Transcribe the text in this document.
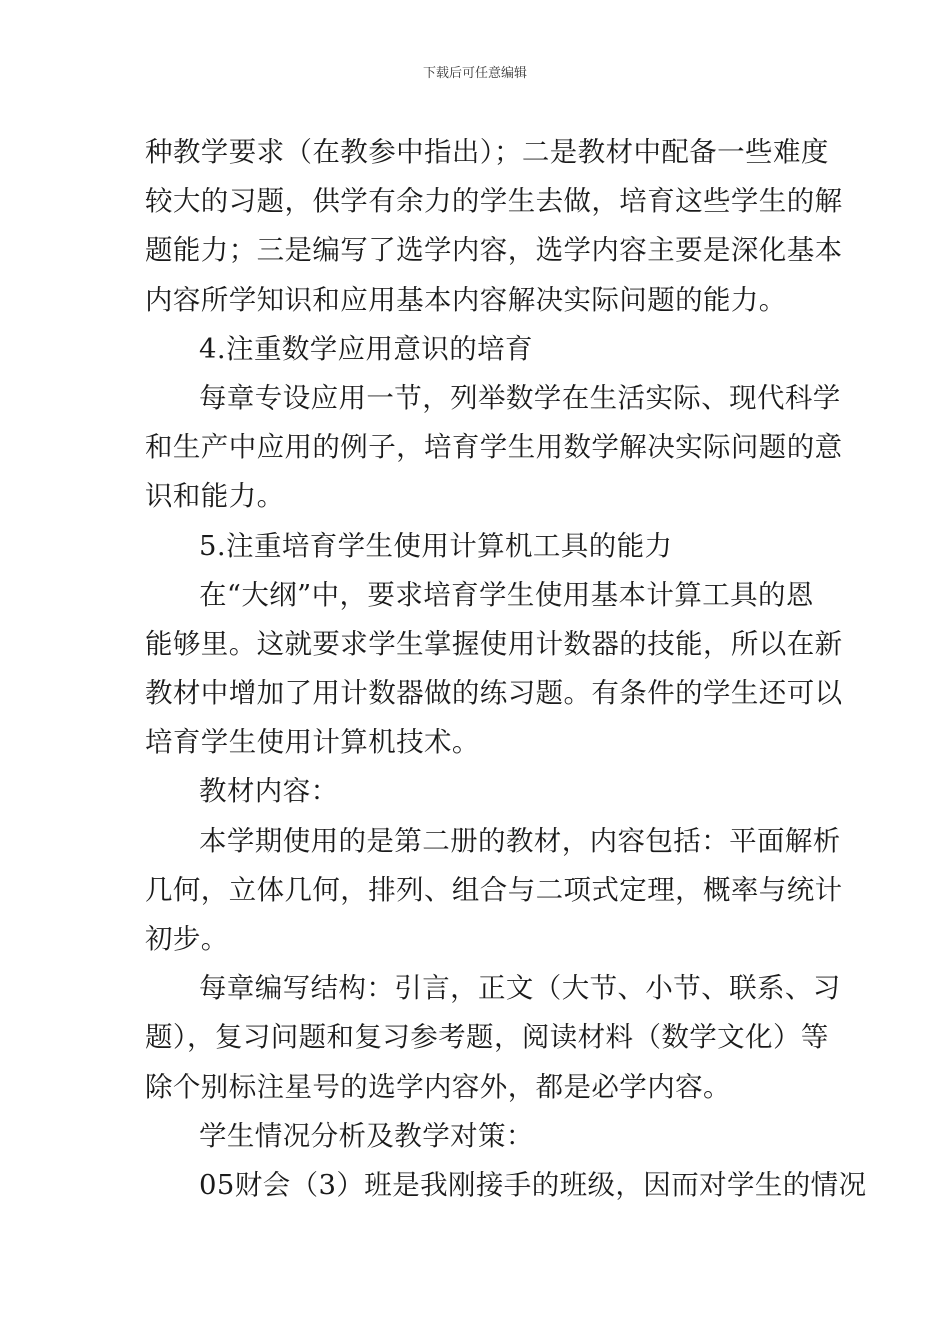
下载后可任意编辑
种教学要求（在教参中指出）；二是教材中配备一些难度
较大的习题，供学有余力的学生去做，培育这些学生的解
题能力；三是编写了选学内容，选学内容主要是深化基本
内容所学知识和应用基本内容解决实际问题的能力。
4.注重数学应用意识的培育
每章专设应用一节，列举数学在生活实际、现代科学
和生产中应用的例子，培育学生用数学解决实际问题的意
识和能力。
5.注重培育学生使用计算机工具的能力
在“大纲”中，要求培育学生使用基本计算工具的恩
能够里。这就要求学生掌握使用计数器的技能，所以在新
教材中增加了用计数器做的练习题。有条件的学生还可以
培育学生使用计算机技术。
教材内容：
本学期使用的是第二册的教材，内容包括：平面解析
几何，立体几何，排列、组合与二项式定理，概率与统计
初步。
每章编写结构：引言，正文（大节、小节、联系、习
题），复习问题和复习参考题，阅读材料（数学文化）等
除个别标注星号的选学内容外，都是必学内容。
学生情况分析及教学对策：
05财会（3）班是我刚接手的班级，因而对学生的情况
